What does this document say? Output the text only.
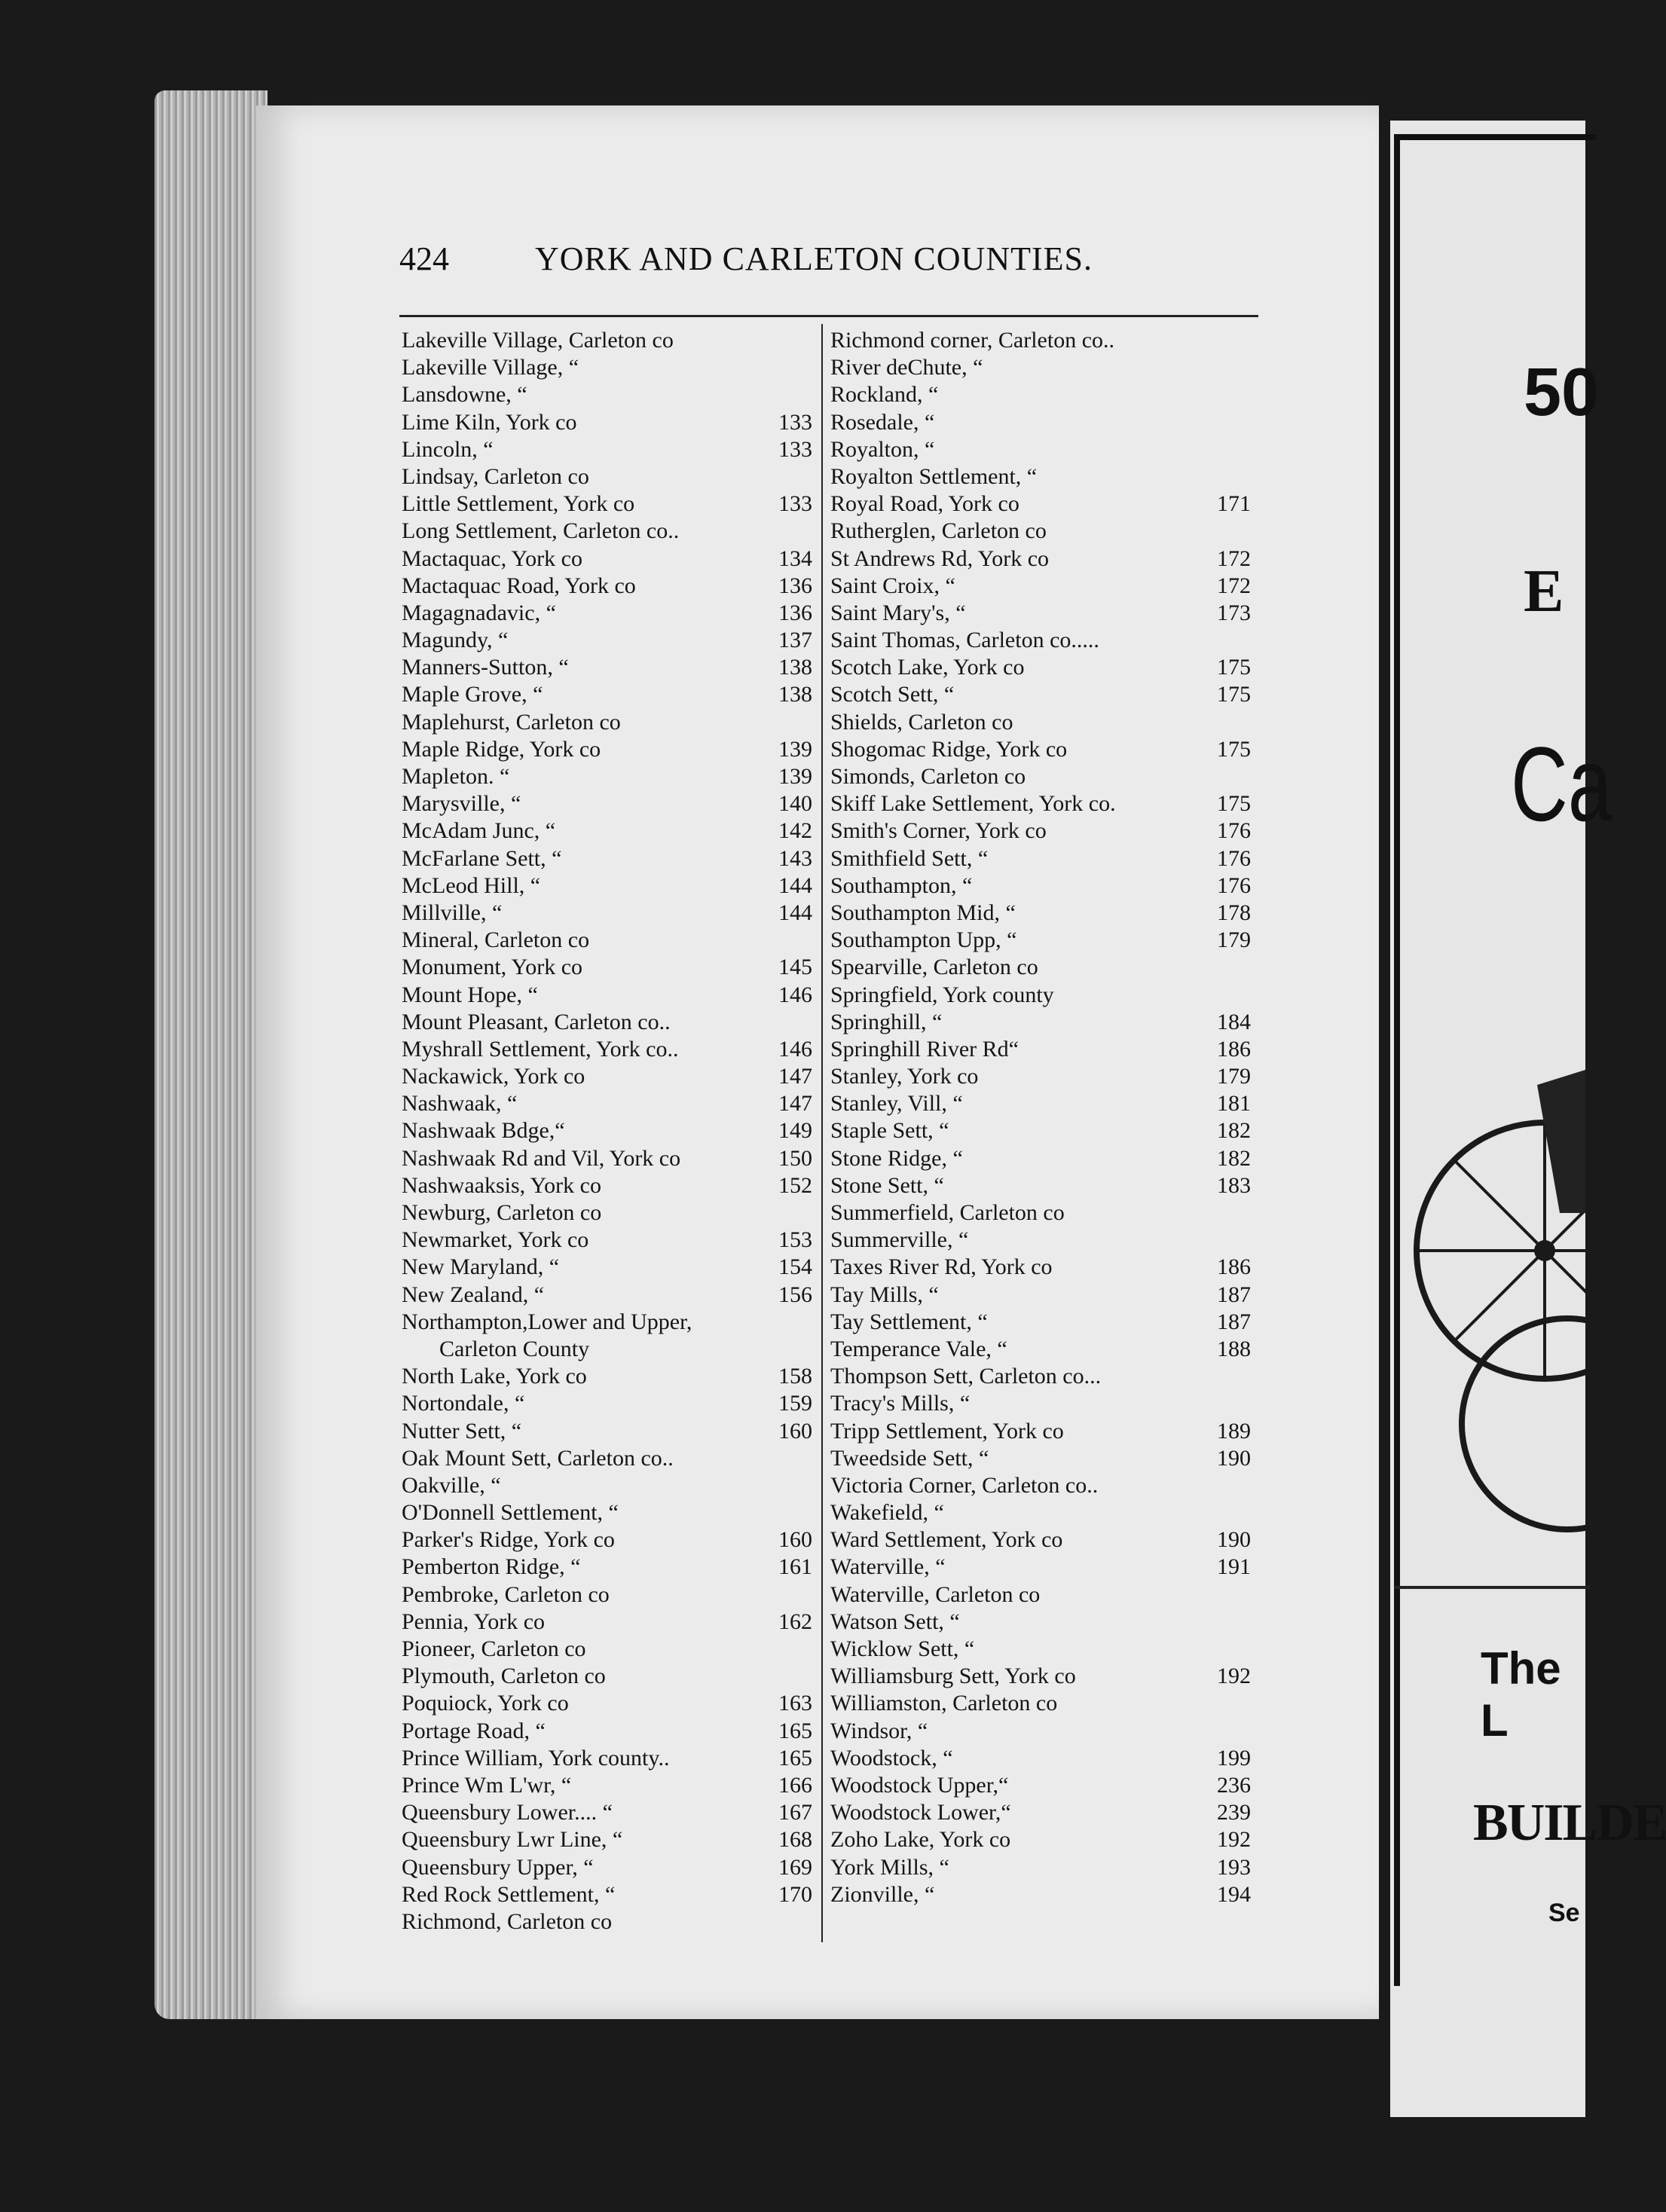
424	YORK AND CARLETON COUNTIES.
Lakeville Village, Carleton co
Lakeville Village, “
Lansdowne, “
Lime Kiln, York co	133
Lincoln, “	133
Lindsay, Carleton co
Little Settlement, York co	133
Long Settlement, Carleton co..
Mactaquac, York co	134
Mactaquac Road, York co	136
Magagnadavic, “	136
Magundy, “	137
Manners-Sutton, “	138
Maple Grove, “	138
Maplehurst, Carleton co
Maple Ridge, York co	139
Mapleton. “	139
Marysville, “	140
McAdam Junc, “	142
McFarlane Sett, “	143
McLeod Hill, “	144
Millville, “	144
Mineral, Carleton co
Monument, York co	145
Mount Hope, “	146
Mount Pleasant, Carleton co..
Myshrall Settlement, York co..	146
Nackawick, York co	147
Nashwaak, “	147
Nashwaak Bdge,“	149
Nashwaak Rd and Vil, York co	150
Nashwaaksis, York co	152
Newburg, Carleton co
Newmarket, York co	153
New Maryland, “	154
New Zealand, “	156
Northampton,Lower and Upper,
Carleton County
North Lake, York co	158
Nortondale, “	159
Nutter Sett, “	160
Oak Mount Sett, Carleton co..
Oakville, “
O'Donnell Settlement, “
Parker's Ridge, York co	160
Pemberton Ridge, “	161
Pembroke, Carleton co
Pennia, York co	162
Pioneer, Carleton co
Plymouth, Carleton co
Poquiock, York co	163
Portage Road, “	165
Prince William, York county..	165
Prince Wm L'wr, “	166
Queensbury Lower.... “	167
Queensbury Lwr Line, “	168
Queensbury Upper, “	169
Red Rock Settlement, “	170
Richmond, Carleton co
Richmond corner, Carleton co..
River deChute, “
Rockland, “
Rosedale, “
Royalton, “
Royalton Settlement, “
Royal Road, York co	171
Rutherglen, Carleton co
St Andrews Rd, York co	172
Saint Croix, “	172
Saint Mary's, “	173
Saint Thomas, Carleton co.....
Scotch Lake, York co	175
Scotch Sett, “	175
Shields, Carleton co
Shogomac Ridge, York co	175
Simonds, Carleton co
Skiff Lake Settlement, York co.	175
Smith's Corner, York co	176
Smithfield Sett, “	176
Southampton, “	176
Southampton Mid, “	178
Southampton Upp, “	179
Spearville, Carleton co
Springfield, York county
Springhill, “	184
Springhill River Rd“	186
Stanley, York co	179
Stanley, Vill, “	181
Staple Sett, “	182
Stone Ridge, “	182
Stone Sett, “	183
Summerfield, Carleton co
Summerville, “
Taxes River Rd, York co	186
Tay Mills, “	187
Tay Settlement, “	187
Temperance Vale, “	188
Thompson Sett, Carleton co...
Tracy's Mills, “
Tripp Settlement, York co	189
Tweedside Sett, “	190
Victoria Corner, Carleton co..
Wakefield, “
Ward Settlement, York co	190
Waterville, “	191
Waterville, Carleton co
Watson Sett, “
Wicklow Sett, “
Williamsburg Sett, York co	192
Williamston, Carleton co
Windsor, “
Woodstock, “	199
Woodstock Upper,“	236
Woodstock Lower,“	239
Zoho Lake, York co	192
York Mills, “	193
Zionville, “	194
50
E
Ca
The L
BUILDE
Se
